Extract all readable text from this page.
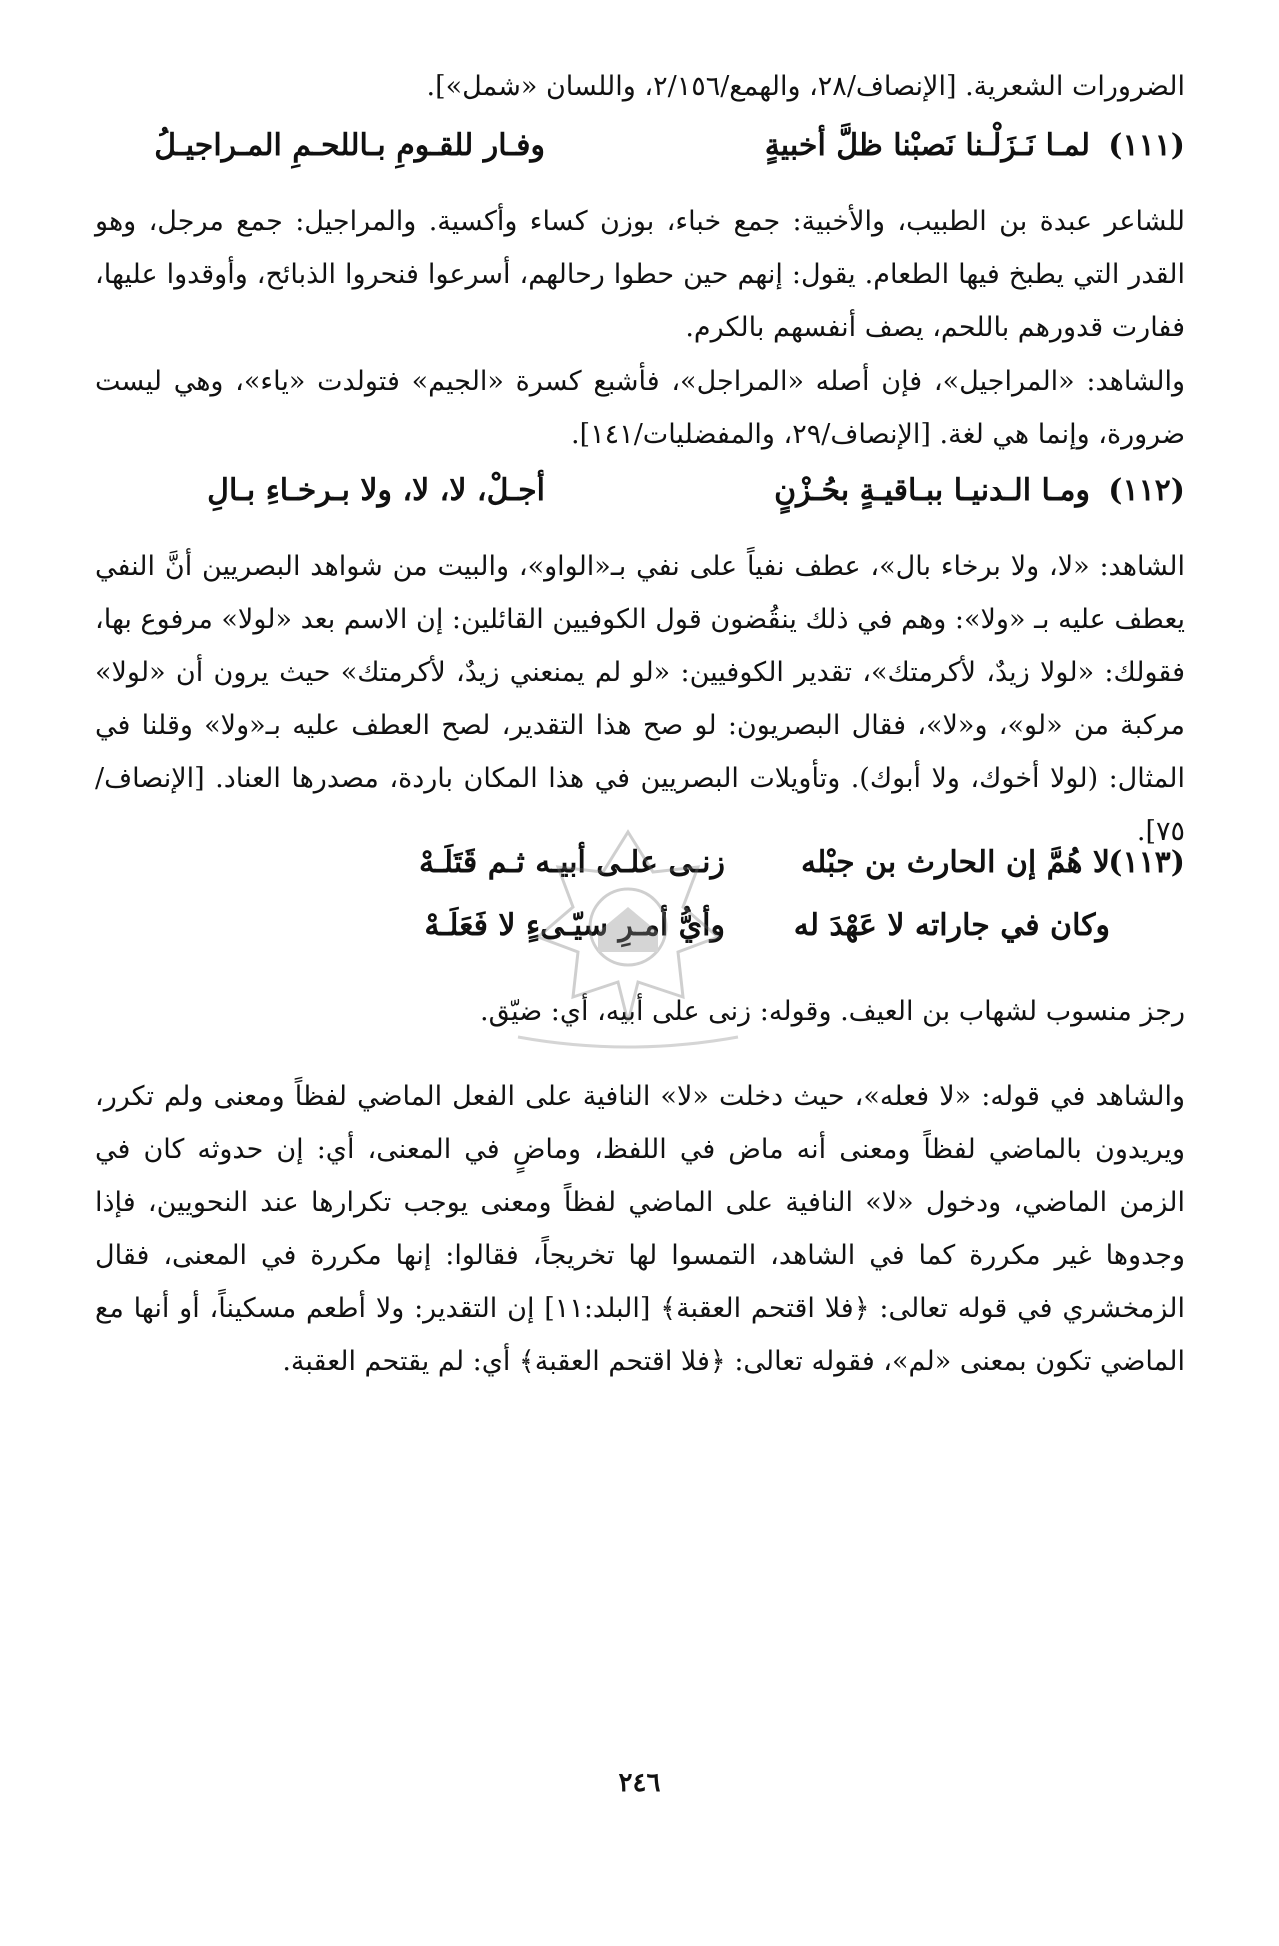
الضرورات الشعرية. [الإنصاف/٢٨، والهمع/٢/١٥٦، واللسان «شمل»].
(١١١)
لمـا نَـزَلْـنا نَصبْنا ظلَّ أخبيةٍ
وفـار للقـومِ بـاللحـمِ المـراجيـلُ
للشاعر عبدة بن الطبيب، والأخبية: جمع خباء، بوزن كساء وأكسية. والمراجيل: جمع مرجل، وهو القدر التي يطبخ فيها الطعام. يقول: إنهم حين حطوا رحالهم، أسرعوا فنحروا الذبائح، وأوقدوا عليها، ففارت قدورهم باللحم، يصف أنفسهم بالكرم.
والشاهد: «المراجيل»، فإن أصله «المراجل»، فأشبع كسرة «الجيم» فتولدت «ياء»، وهي ليست ضرورة، وإنما هي لغة. [الإنصاف/٢٩، والمفضليات/١٤١].
(١١٢)
ومـا الـدنيـا ببـاقيـةٍ بحُـزْنٍ
أجـلْ، لا، لا، ولا بـرخـاءِ بـالِ
الشاهد: «لا، ولا برخاء بال»، عطف نفياً على نفي بـ«الواو»، والبيت من شواهد البصريين أنَّ النفي يعطف عليه بـ «ولا»: وهم في ذلك ينقُضون قول الكوفيين القائلين: إن الاسم بعد «لولا» مرفوع بها، فقولك: «لولا زيدٌ، لأكرمتك»، تقدير الكوفيين: «لو لم يمنعني زيدٌ، لأكرمتك» حيث يرون أن «لولا» مركبة من «لو»، و«لا»، فقال البصريون: لو صح هذا التقدير، لصح العطف عليه بـ«ولا» وقلنا في المثال: (لولا أخوك، ولا أبوك). وتأويلات البصريين في هذا المكان باردة، مصدرها العناد. [الإنصاف/٧٥].
(١١٣)
لا هُمَّ إن الحارث بن جبْله
زنـى علـى أبيـه ثـم قَتَلَـهْ
وكان في جاراته لا عَهْدَ له
وأيُّ أمـرِ سيّـىءٍ لا فَعَلَـهْ
رجز منسوب لشهاب بن العيف. وقوله: زنى على أبيه، أي: ضيّق.
والشاهد في قوله: «لا فعله»، حيث دخلت «لا» النافية على الفعل الماضي لفظاً ومعنى ولم تكرر، ويريدون بالماضي لفظاً ومعنى أنه ماض في اللفظ، وماضٍ في المعنى، أي: إن حدوثه كان في الزمن الماضي، ودخول «لا» النافية على الماضي لفظاً ومعنى يوجب تكرارها عند النحويين، فإذا وجدوها غير مكررة كما في الشاهد، التمسوا لها تخريجاً، فقالوا: إنها مكررة في المعنى، فقال الزمخشري في قوله تعالى: ﴿فلا اقتحم العقبة﴾ [البلد:١١] إن التقدير: ولا أطعم مسكيناً، أو أنها مع الماضي تكون بمعنى «لم»، فقوله تعالى: ﴿فلا اقتحم العقبة﴾ أي: لم يقتحم العقبة.
٢٤٦
